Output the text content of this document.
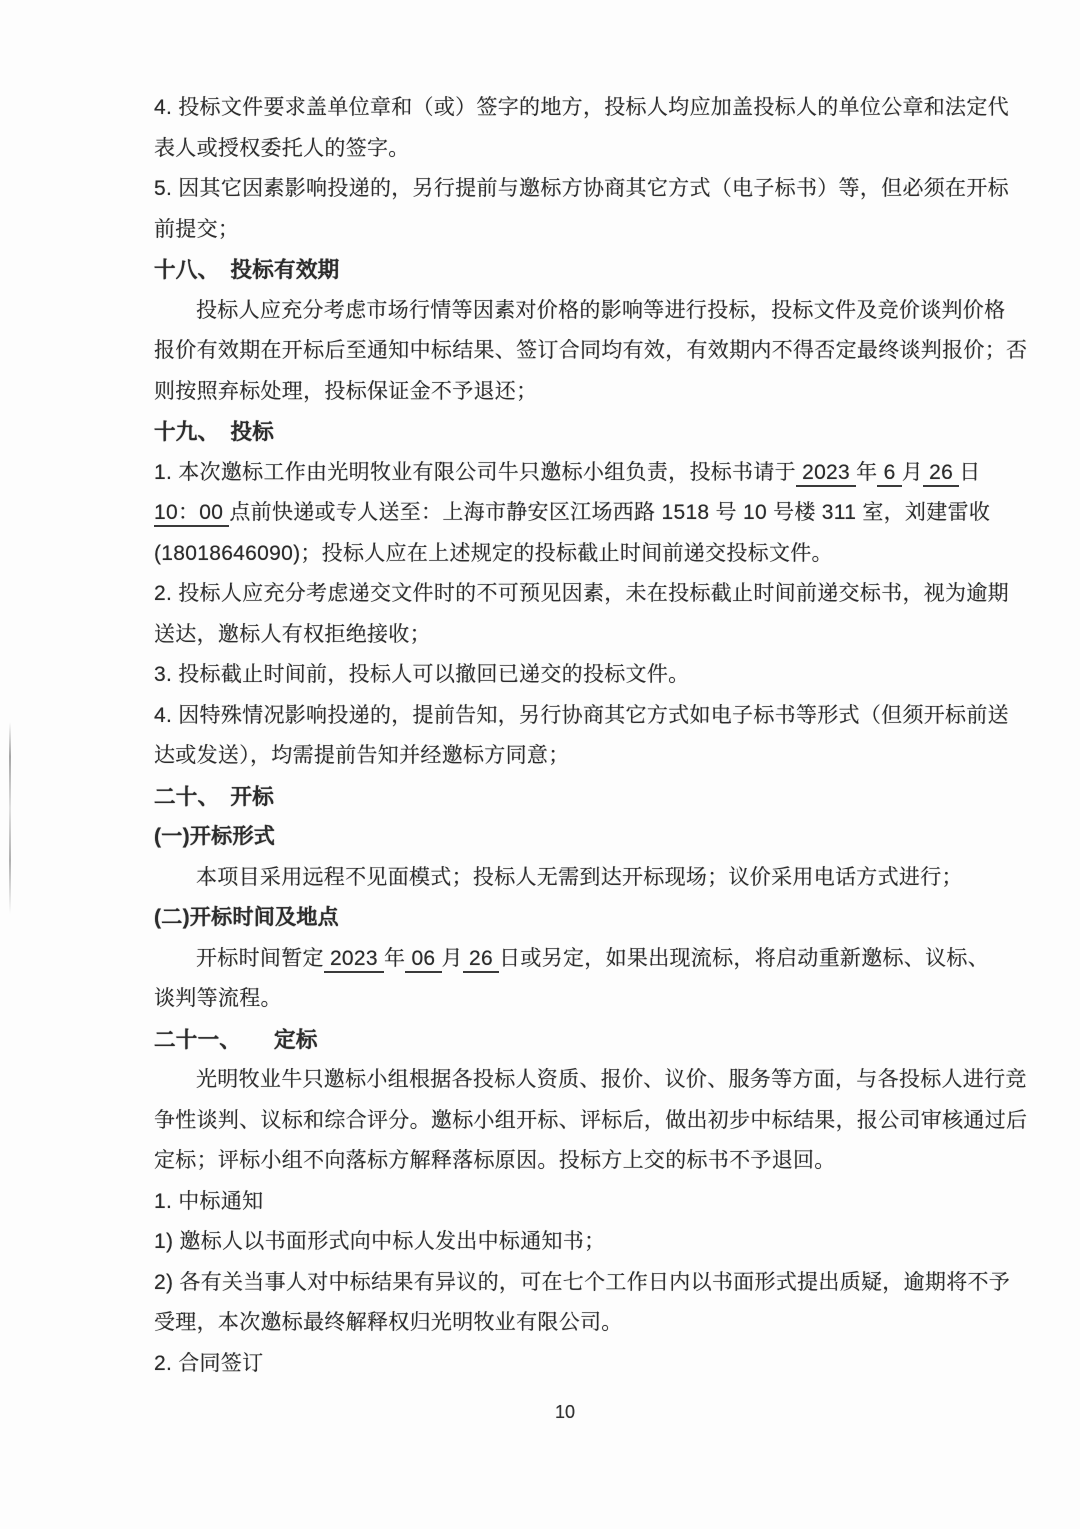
4. 投标文件要求盖单位章和（或）签字的地方，投标人均应加盖投标人的单位公章和法定代
表人或授权委托人的签字。
5. 因其它因素影响投递的，另行提前与邀标方协商其它方式（电子标书）等，但必须在开标
前提交；
十八、　投标有效期
投标人应充分考虑市场行情等因素对价格的影响等进行投标，投标文件及竞价谈判价格
报价有效期在开标后至通知中标结果、签订合同均有效，有效期内不得否定最终谈判报价；否
则按照弃标处理，投标保证金不予退还；
十九、　投标
1. 本次邀标工作由光明牧业有限公司牛只邀标小组负责，投标书请于 2023 年 6 月 26 日
10：00 点前快递或专人送至：上海市静安区江场西路 1518 号 10 号楼 311 室，刘建雷收
(18018646090)；投标人应在上述规定的投标截止时间前递交投标文件。
2. 投标人应充分考虑递交文件时的不可预见因素，未在投标截止时间前递交标书，视为逾期
送达，邀标人有权拒绝接收；
3. 投标截止时间前，投标人可以撤回已递交的投标文件。
4. 因特殊情况影响投递的，提前告知，另行协商其它方式如电子标书等形式（但须开标前送
达或发送），均需提前告知并经邀标方同意；
二十、　开标
(一)开标形式
本项目采用远程不见面模式；投标人无需到达开标现场；议价采用电话方式进行；
(二)开标时间及地点
开标时间暂定 2023 年 06 月 26 日或另定，如果出现流标，将启动重新邀标、议标、
谈判等流程。
二十一、　　定标
光明牧业牛只邀标小组根据各投标人资质、报价、议价、服务等方面，与各投标人进行竞
争性谈判、议标和综合评分。邀标小组开标、评标后，做出初步中标结果，报公司审核通过后
定标；评标小组不向落标方解释落标原因。投标方上交的标书不予退回。
1. 中标通知
1) 邀标人以书面形式向中标人发出中标通知书；
2) 各有关当事人对中标结果有异议的，可在七个工作日内以书面形式提出质疑，逾期将不予
受理，本次邀标最终解释权归光明牧业有限公司。
2. 合同签订
10
